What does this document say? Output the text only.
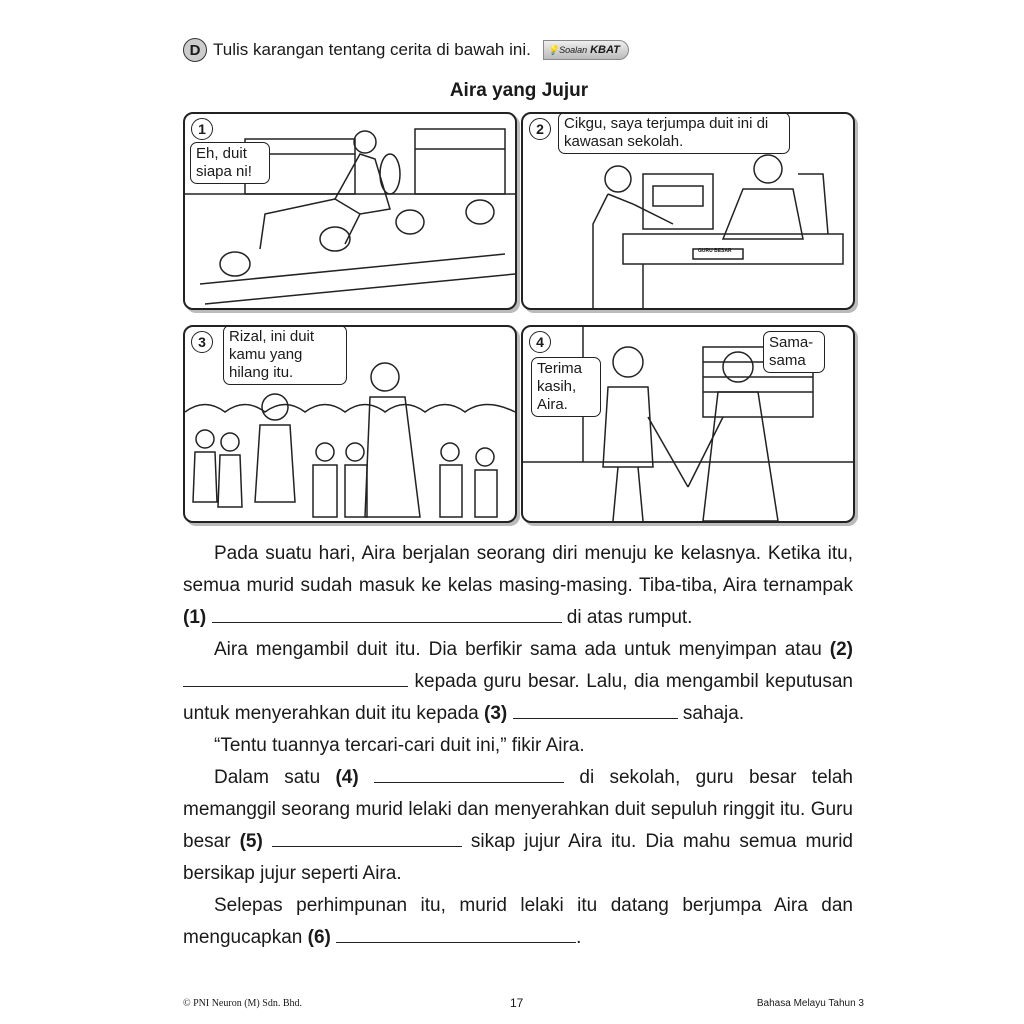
D Tulis karangan tentang cerita di bawah ini. 💡 Soalan KBAT
Aira yang Jujur
1
Eh, duit siapa ni!
2	Cikgu, saya terjumpa duit ini di kawasan sekolah.
GURU BESAR
3	Rizal, ini duit kamu yang hilang itu.
4
Terima kasih, Aira.
Sama-sama

Pada suatu hari, Aira berjalan seorang diri menuju ke kelasnya. Ketika itu, semua murid sudah masuk ke kelas masing-masing. Tiba-tiba, Aira ternampak (1)	di atas rumput.

Aira mengambil duit itu. Dia berfikir sama ada untuk menyimpan atau (2)  kepada guru besar. Lalu, dia mengambil keputusan untuk menyerahkan duit itu kepada (3)	sahaja.

“Tentu tuannya tercari-cari duit ini,” fikir Aira.

Dalam satu (4)	di sekolah, guru besar telah memanggil seorang murid lelaki dan menyerahkan duit sepuluh ringgit itu. Guru besar (5)	sikap jujur Aira itu. Dia mahu semua murid bersikap jujur seperti Aira.

Selepas perhimpunan itu, murid lelaki itu datang berjumpa Aira dan mengucapkan (6)	.

© PNI Neuron (M) Sdn. Bhd.	17	Bahasa Melayu Tahun 3
